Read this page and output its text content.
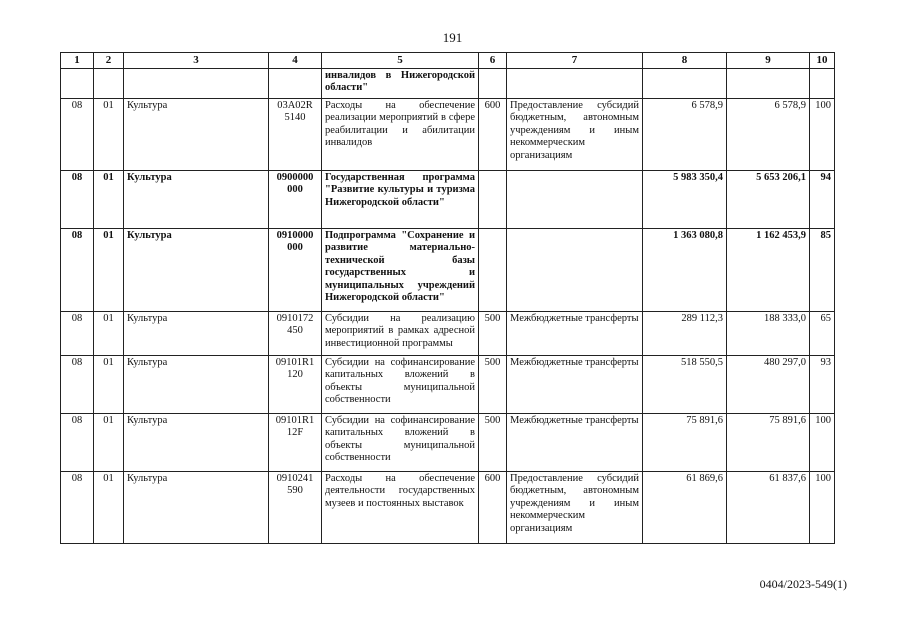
191
1	2	3	4	5	6	7	8	9	10
				инвалидов в Нижегородской области"					
08	01	Культура	03А02R 5140	Расходы на обеспечение реализации мероприятий в сфере реабилитации и абилитации инвалидов	600	Предоставление субсидий бюджетным, автономным учреждениям и иным некоммерческим организациям	6 578,9	6 578,9	100
08	01	Культура	0900000 000	Государственная программа "Развитие культуры и туризма Нижегородской области"			5 983 350,4	5 653 206,1	94
08	01	Культура	0910000 000	Подпрограмма "Сохранение и развитие материально-технической базы государственных и муниципальных учреждений Нижегородской области"			1 363 080,8	1 162 453,9	85
08	01	Культура	0910172 450	Субсидии на реализацию мероприятий в рамках адресной инвестиционной программы	500	Межбюджетные трансферты	289 112,3	188 333,0	65
08	01	Культура	09101R1 120	Субсидии на софинансирование капитальных вложений в объекты муниципальной собственности	500	Межбюджетные трансферты	518 550,5	480 297,0	93
08	01	Культура	09101R1 12F	Субсидии на софинансирование капитальных вложений в объекты муниципальной собственности	500	Межбюджетные трансферты	75 891,6	75 891,6	100
08	01	Культура	0910241 590	Расходы на обеспечение деятельности государственных музеев и постоянных выставок	600	Предоставление субсидий бюджетным, автономным учреждениям и иным некоммерческим организациям	61 869,6	61 837,6	100
0404/2023-549(1)
